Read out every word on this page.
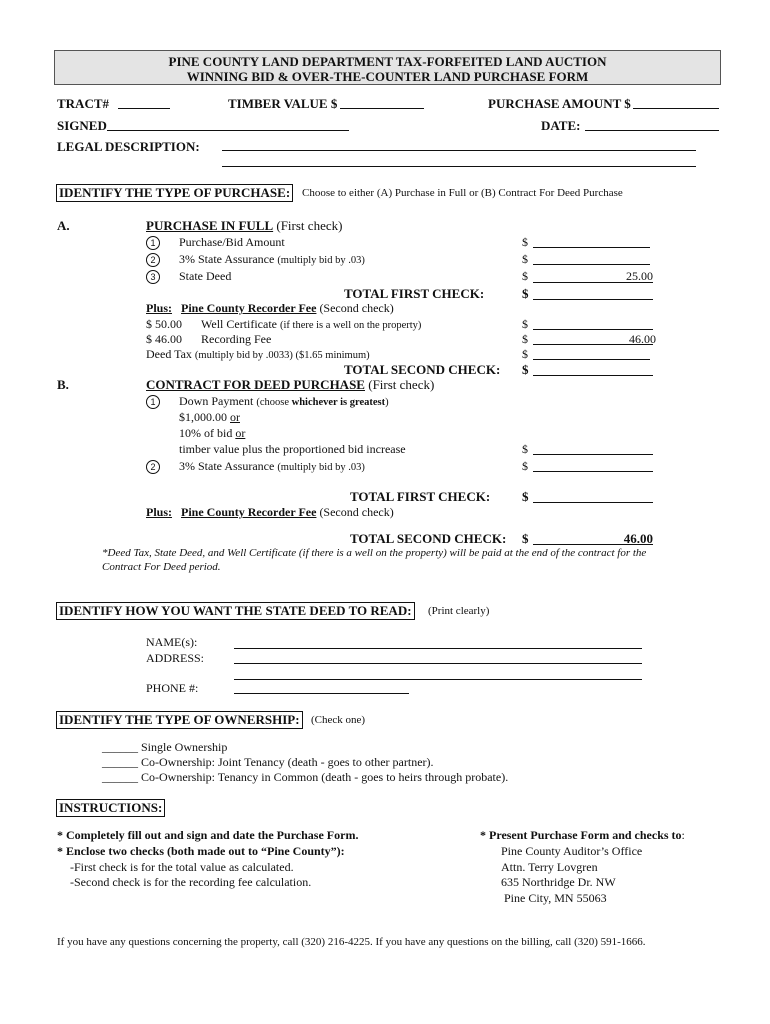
PINE COUNTY LAND DEPARTMENT TAX-FORFEITED LAND AUCTION
WINNING BID & OVER-THE-COUNTER LAND PURCHASE FORM
TRACT#	TIMBER VALUE $	PURCHASE AMOUNT $
SIGNED	DATE:
LEGAL DESCRIPTION:
IDENTIFY THE TYPE OF PURCHASE: Choose to either (A) Purchase in Full or (B) Contract For Deed Purchase
A.	PURCHASE IN FULL (First check)
1	Purchase/Bid Amount	$
2	3% State Assurance (multiply bid by .03)	$
3	State Deed	$	25.00
TOTAL FIRST CHECK:	$
Plus: Pine County Recorder Fee (Second check)
$ 50.00 Well Certificate (if there is a well on the property)	$
$ 46.00 Recording Fee	$	46.00
Deed Tax (multiply bid by .0033) ($1.65 minimum)	$
TOTAL SECOND CHECK: $
B.	CONTRACT FOR DEED PURCHASE (First check)
1	Down Payment (choose whichever is greatest)
$1,000.00 or
10% of bid or
timber value plus the proportioned bid increase	$
2	3% State Assurance (multiply bid by .03)	$
TOTAL FIRST CHECK: $
Plus: Pine County Recorder Fee (Second check)
TOTAL SECOND CHECK: $	46.00
*Deed Tax, State Deed, and Well Certificate (if there is a well on the property) will be paid at the end of the contract for the
Contract For Deed period.
IDENTIFY HOW YOU WANT THE STATE DEED TO READ: (Print clearly)
NAME(s):
ADDRESS:
PHONE #:
IDENTIFY THE TYPE OF OWNERSHIP: (Check one)
______ Single Ownership
______ Co-Ownership: Joint Tenancy (death - goes to other partner).
______ Co-Ownership: Tenancy in Common (death - goes to heirs through probate).
INSTRUCTIONS:
* Completely fill out and sign and date the Purchase Form.
* Enclose two checks (both made out to “Pine County”):
-First check is for the total value as calculated.
-Second check is for the recording fee calculation.
* Present Purchase Form and checks to:
Pine County Auditor’s Office
Attn. Terry Lovgren
635 Northridge Dr. NW
Pine City, MN 55063
If you have any questions concerning the property, call (320) 216-4225. If you have any questions on the billing, call (320) 591-1666.
